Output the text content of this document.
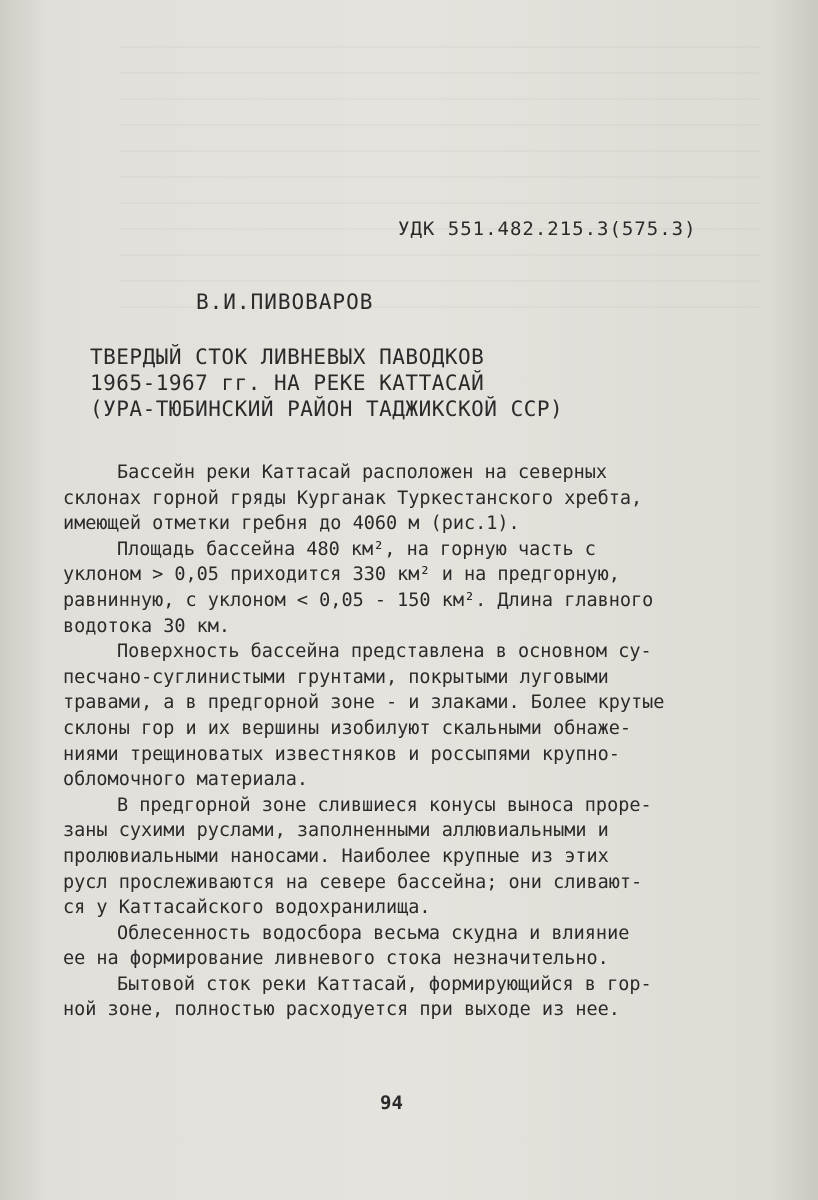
УДК 551.482.215.3(575.3)
В.И.ПИВОВАРОВ
ТВЕРДЫЙ СТОК ЛИВНЕВЫХ ПАВОДКОВ
1965-1967 гг. НА РЕКЕ КАТТАСАЙ
(УРА-ТЮБИНСКИЙ РАЙОН ТАДЖИКСКОЙ ССР)
Бассейн реки Каттасай расположен на северных
склонах горной гряды Курганак Туркестанского хребта,
имеющей отметки гребня до 4060 м (рис.1).
Площадь бассейна 480 км², на горную часть с
уклоном > 0,05 приходится 330 км² и на предгорную,
равнинную, с уклоном < 0,05 - 150 км². Длина главного
водотока 30 км.
Поверхность бассейна представлена в основном су-
песчано-суглинистыми грунтами, покрытыми луговыми
травами, а в предгорной зоне - и злаками. Более крутые
склоны гор и их вершины изобилуют скальными обнаже-
ниями трещиноватых известняков и россыпями крупно-
обломочного материала.
В предгорной зоне слившиеся конусы выноса проре-
заны сухими руслами, заполненными аллювиальными и
пролювиальными наносами. Наиболее крупные из этих
русл прослеживаются на севере бассейна; они сливают-
ся у Каттасайского водохранилища.
Облесенность водосбора весьма скудна и влияние
ее на формирование ливневого стока незначительно.
Бытовой сток реки Каттасай, формирующийся в гор-
ной зоне, полностью расходуется при выходе из нее.
94
